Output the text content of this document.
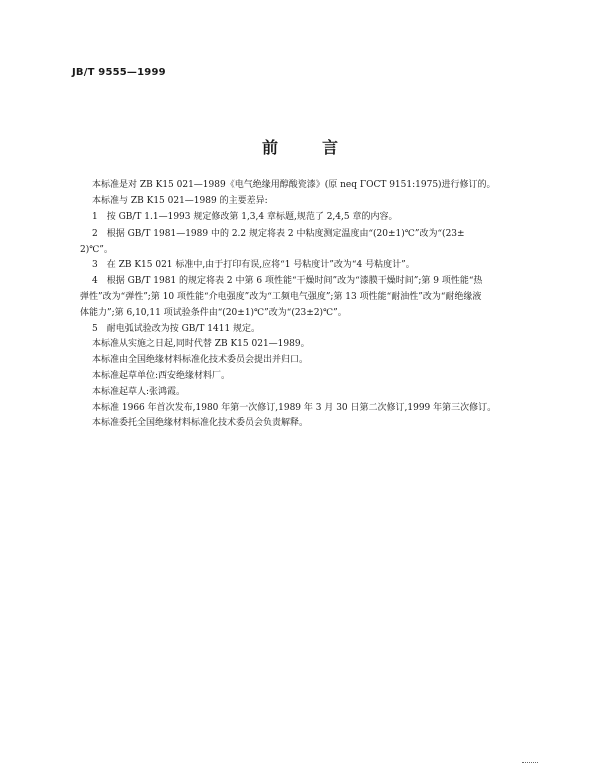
JB/T 9555—1999
前言
本标准是对 ZB K15 021—1989《电气绝缘用醇酸瓷漆》(原 neq ΓOCT 9151:1975)进行修订的。
本标准与 ZB K15 021—1989 的主要差异:
1　按 GB/T 1.1—1993 规定修改第 1,3,4 章标题,规范了 2,4,5 章的内容。
2　根据 GB/T 1981—1989 中的 2.2 规定将表 2 中粘度测定温度由“(20±1)℃”改为“(23±
2)℃”。
3　在 ZB K15 021 标准中,由于打印有误,应将“1 号粘度计”改为“4 号粘度计”。
4　根据 GB/T 1981 的规定将表 2 中第 6 项性能“干燥时间”改为“漆膜干燥时间”;第 9 项性能“热
弹性”改为“弹性”;第 10 项性能“介电强度”改为“工频电气强度”;第 13 项性能“耐油性”改为“耐绝缘液
体能力”;第 6,10,11 项试验条件由“(20±1)℃”改为“(23±2)℃”。
5　耐电弧试验改为按 GB/T 1411 规定。
本标准从实施之日起,同时代替 ZB K15 021—1989。
本标准由全国绝缘材料标准化技术委员会提出并归口。
本标准起草单位:西安绝缘材料厂。
本标准起草人:张鸿霞。
本标准 1966 年首次发布,1980 年第一次修订,1989 年 3 月 30 日第二次修订,1999 年第三次修订。
本标准委托全国绝缘材料标准化技术委员会负责解释。
